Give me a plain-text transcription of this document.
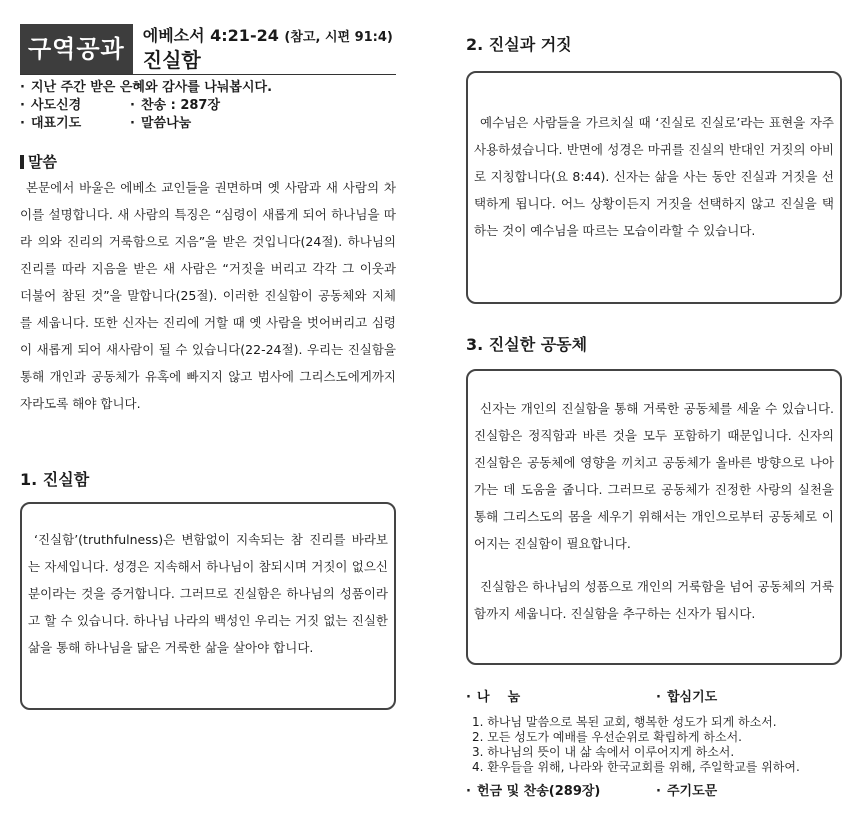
구역공과	에베소서 4:21-24 (참고, 시편 91:4)
진실함
· 지난 주간 받은 은혜와 감사를 나눠봅시다.
· 사도신경	· 찬송 : 287장
· 대표기도	· 말씀나눔
말씀
본문에서 바울은 에베소 교인들을 권면하며 옛 사람과 새 사람의 차이를 설명합니다. 새 사람의 특징은 “심령이 새롭게 되어 하나님을 따라 의와 진리의 거룩함으로 지음”을 받은 것입니다(24절). 하나님의 진리를 따라 지음을 받은 새 사람은 “거짓을 버리고 각각 그 이웃과 더불어 참된 것”을 말합니다(25절). 이러한 진실함이 공동체와 지체를 세웁니다. 또한 신자는 진리에 거할 때 옛 사람을 벗어버리고 심령이 새롭게 되어 새사람이 될 수 있습니다(22-24절). 우리는 진실함을 통해 개인과 공동체가 유혹에 빠지지 않고 범사에 그리스도에게까지 자라도록 해야 합니다.
1. 진실함
‘진실함’(truthfulness)은 변함없이 지속되는 참 진리를 바라보는 자세입니다. 성경은 지속해서 하나님이 참되시며 거짓이 없으신 분이라는 것을 증거합니다. 그러므로 진실함은 하나님의 성품이라고 할 수 있습니다. 하나님 나라의 백성인 우리는 거짓 없는 진실한 삶을 통해 하나님을 닮은 거룩한 삶을 살아야 합니다.
2. 진실과 거짓
예수님은 사람들을 가르치실 때 ‘진실로 진실로’라는 표현을 자주 사용하셨습니다. 반면에 성경은 마귀를 진실의 반대인 거짓의 아비로 지칭합니다(요 8:44). 신자는 삶을 사는 동안 진실과 거짓을 선택하게 됩니다. 어느 상황이든지 거짓을 선택하지 않고 진실을 택하는 것이 예수님을 따르는 모습이라할 수 있습니다.
3. 진실한 공동체
신자는 개인의 진실함을 통해 거룩한 공동체를 세울 수 있습니다. 진실함은 정직함과 바른 것을 모두 포함하기 때문입니다. 신자의 진실함은 공동체에 영향을 끼치고 공동체가 올바른 방향으로 나아가는 데 도움을 줍니다. 그러므로 공동체가 진정한 사랑의 실천을 통해 그리스도의 몸을 세우기 위해서는 개인으로부터 공동체로 이어지는 진실함이 필요합니다.
진실함은 하나님의 성품으로 개인의 거룩함을 넘어 공동체의 거룩함까지 세웁니다. 진실함을 추구하는 신자가 됩시다.
· 나    눔	· 합심기도
1. 하나님 말씀으로 복된 교회, 행복한 성도가 되게 하소서.
2. 모든 성도가 예배를 우선순위로 확립하게 하소서.
3. 하나님의 뜻이 내 삶 속에서 이루어지게 하소서.
4. 환우들을 위해, 나라와 한국교회를 위해, 주일학교를 위하여.
· 헌금 및 찬송(289장)	· 주기도문
